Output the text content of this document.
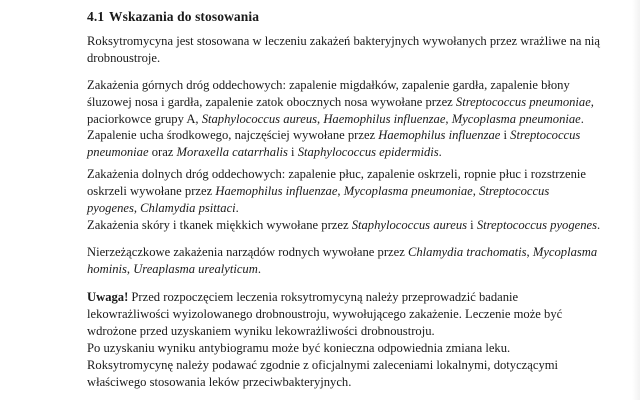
4.1 Wskazania do stosowania
Roksytromycyna jest stosowana w leczeniu zakażeń bakteryjnych wywołanych przez wrażliwe na nią
drobnoustroje.
Zakażenia górnych dróg oddechowych: zapalenie migdałków, zapalenie gardła, zapalenie błony
śluzowej nosa i gardła, zapalenie zatok obocznych nosa wywołane przez Streptococcus pneumoniae,
paciorkowce grupy A, Staphylococcus aureus, Haemophilus influenzae, Mycoplasma pneumoniae.
Zapalenie ucha środkowego, najczęściej wywołane przez Haemophilus influenzae i Streptococcus
pneumoniae oraz Moraxella catarrhalis i Staphylococcus epidermidis.
Zakażenia dolnych dróg oddechowych: zapalenie płuc, zapalenie oskrzeli, ropnie płuc i rozstrzenie
oskrzeli wywołane przez Haemophilus influenzae, Mycoplasma pneumoniae, Streptococcus
pyogenes, Chlamydia psittaci.
Zakażenia skóry i tkanek miękkich wywołane przez Staphylococcus aureus i Streptococcus pyogenes.
Nierzeżączkowe zakażenia narządów rodnych wywołane przez Chlamydia trachomatis, Mycoplasma
hominis, Ureaplasma urealyticum.
Uwaga! Przed rozpoczęciem leczenia roksytromycyną należy przeprowadzić badanie
lekowrażliwości wyizolowanego drobnoustroju, wywołującego zakażenie. Leczenie może być
wdrożone przed uzyskaniem wyniku lekowrażliwości drobnoustroju.
Po uzyskaniu wyniku antybiogramu może być konieczna odpowiednia zmiana leku.
Roksytromycynę należy podawać zgodnie z oficjalnymi zaleceniami lokalnymi, dotyczącymi
właściwego stosowania leków przeciwbakteryjnych.
